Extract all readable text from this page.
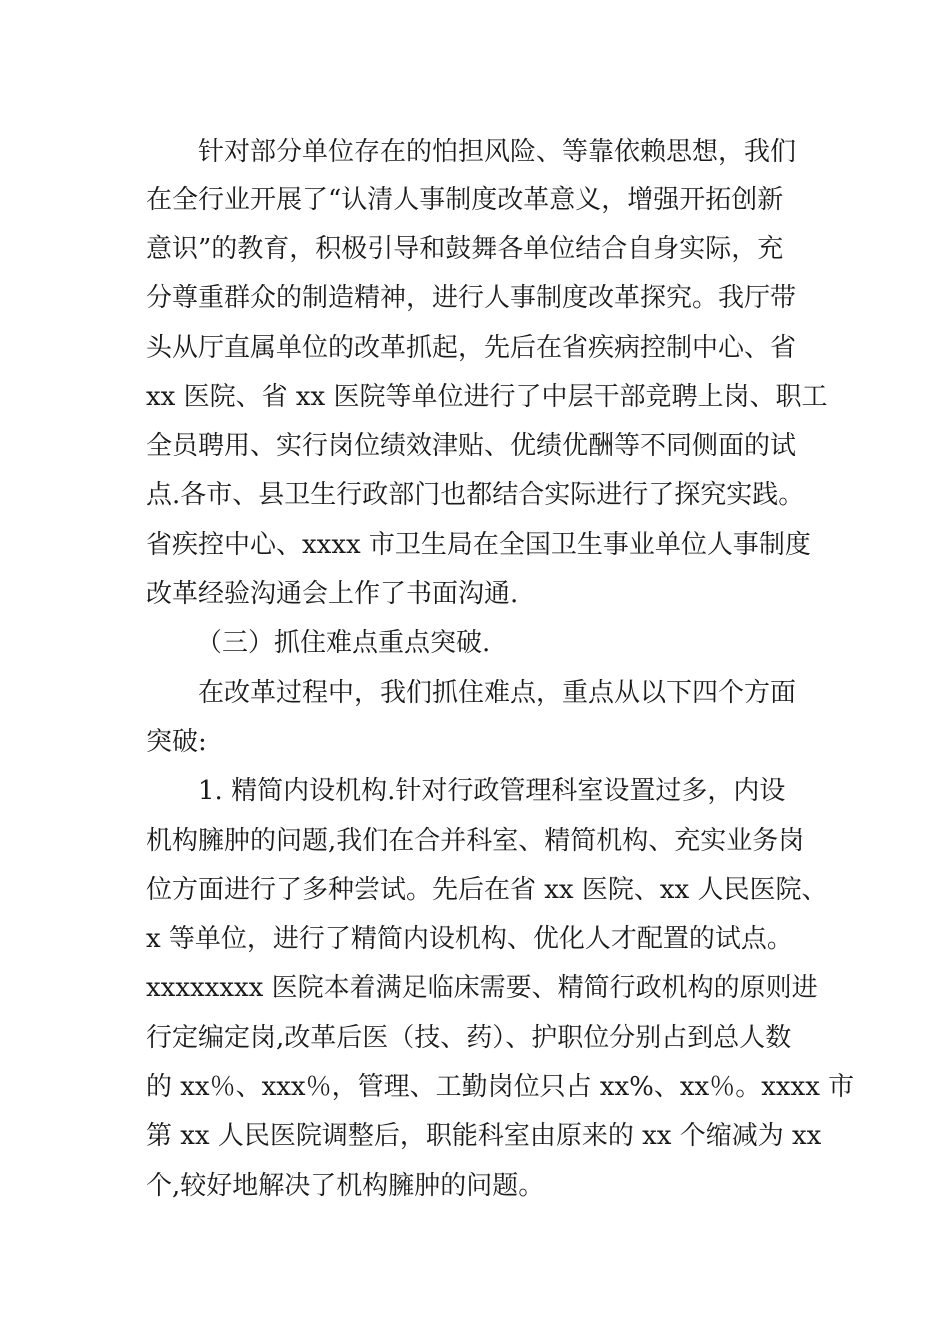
针对部分单位存在的怕担风险、等靠依赖思想，我们
在全行业开展了“认清人事制度改革意义，增强开拓创新
意识”的教育，积极引导和鼓舞各单位结合自身实际，充
分尊重群众的制造精神，进行人事制度改革探究。我厅带
头从厅直属单位的改革抓起，先后在省疾病控制中心、省
xx 医院、省 xx 医院等单位进行了中层干部竞聘上岗、职工
全员聘用、实行岗位绩效津贴、优绩优酬等不同侧面的试
点.各市、县卫生行政部门也都结合实际进行了探究实践。
省疾控中心、xxxx 市卫生局在全国卫生事业单位人事制度
改革经验沟通会上作了书面沟通.
（三）抓住难点重点突破.
在改革过程中，我们抓住难点，重点从以下四个方面
突破:
1. 精简内设机构.针对行政管理科室设置过多，内设
机构臃肿的问题,我们在合并科室、精简机构、充实业务岗
位方面进行了多种尝试。先后在省 xx 医院、xx 人民医院、
x 等单位，进行了精简内设机构、优化人才配置的试点。
xxxxxxxx 医院本着满足临床需要、精简行政机构的原则进
行定编定岗,改革后医（技、药）、护职位分别占到总人数
的 xx％、xxx％，管理、工勤岗位只占 xx%、xx％。xxxx 市
第 xx 人民医院调整后，职能科室由原来的 xx 个缩减为 xx
个,较好地解决了机构臃肿的问题。
